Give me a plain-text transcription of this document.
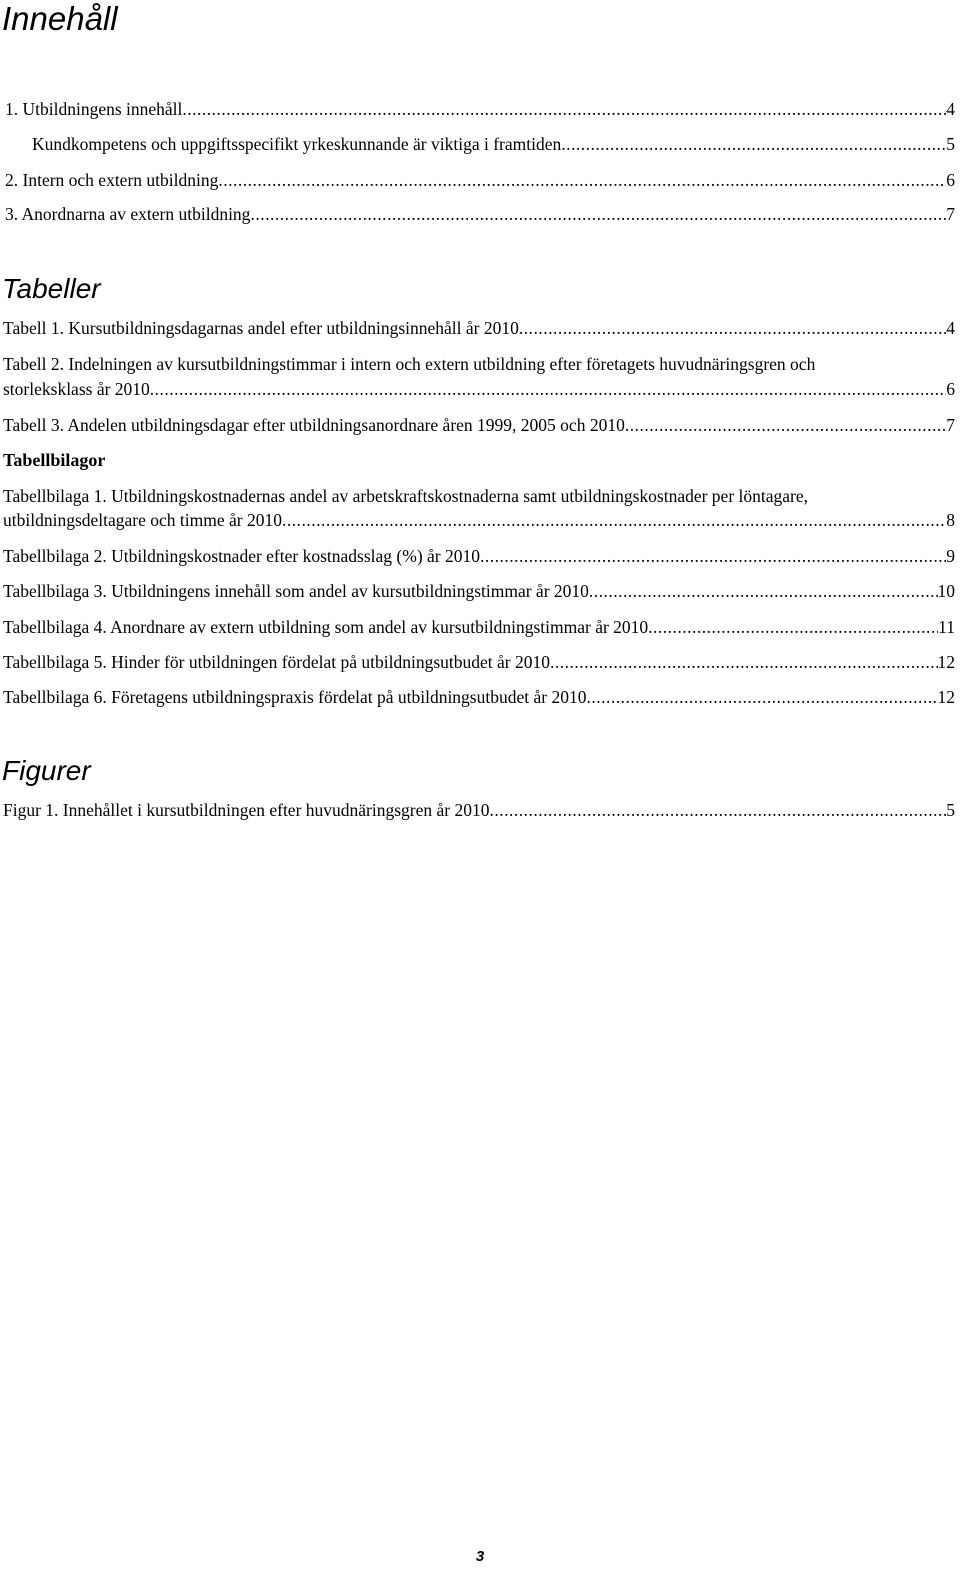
Innehåll
1. Utbildningens innehåll .....	4
Kundkompetens och uppgiftsspecifikt yrkeskunnande är viktiga i framtiden .....	5
2. Intern och extern utbildning .....	6
3. Anordnarna av extern utbildning .....	7
Tabeller
Tabell 1. Kursutbildningsdagarnas andel efter utbildningsinnehåll år 2010 .....	4
Tabell 2. Indelningen av kursutbildningstimmar i intern och extern utbildning efter företagets huvudnäringsgren och
storleksklass år 2010 .....	6
Tabell 3. Andelen utbildningsdagar efter utbildningsanordnare åren 1999, 2005 och 2010 .....	7
Tabellbilagor
Tabellbilaga 1. Utbildningskostnadernas andel av arbetskraftskostnaderna samt utbildningskostnader per löntagare,
utbildningsdeltagare och timme år 2010 .....	8
Tabellbilaga 2. Utbildningskostnader efter kostnadsslag (%) år 2010 .....	9
Tabellbilaga 3. Utbildningens innehåll som andel av kursutbildningstimmar år 2010 .....	10
Tabellbilaga 4. Anordnare av extern utbildning som andel av kursutbildningstimmar år 2010 .....	11
Tabellbilaga 5. Hinder för utbildningen fördelat på utbildningsutbudet år 2010 .....	12
Tabellbilaga 6. Företagens utbildningspraxis fördelat på utbildningsutbudet år 2010 .....	12
Figurer
Figur 1. Innehållet i kursutbildningen efter huvudnäringsgren år 2010 .....	5
3
